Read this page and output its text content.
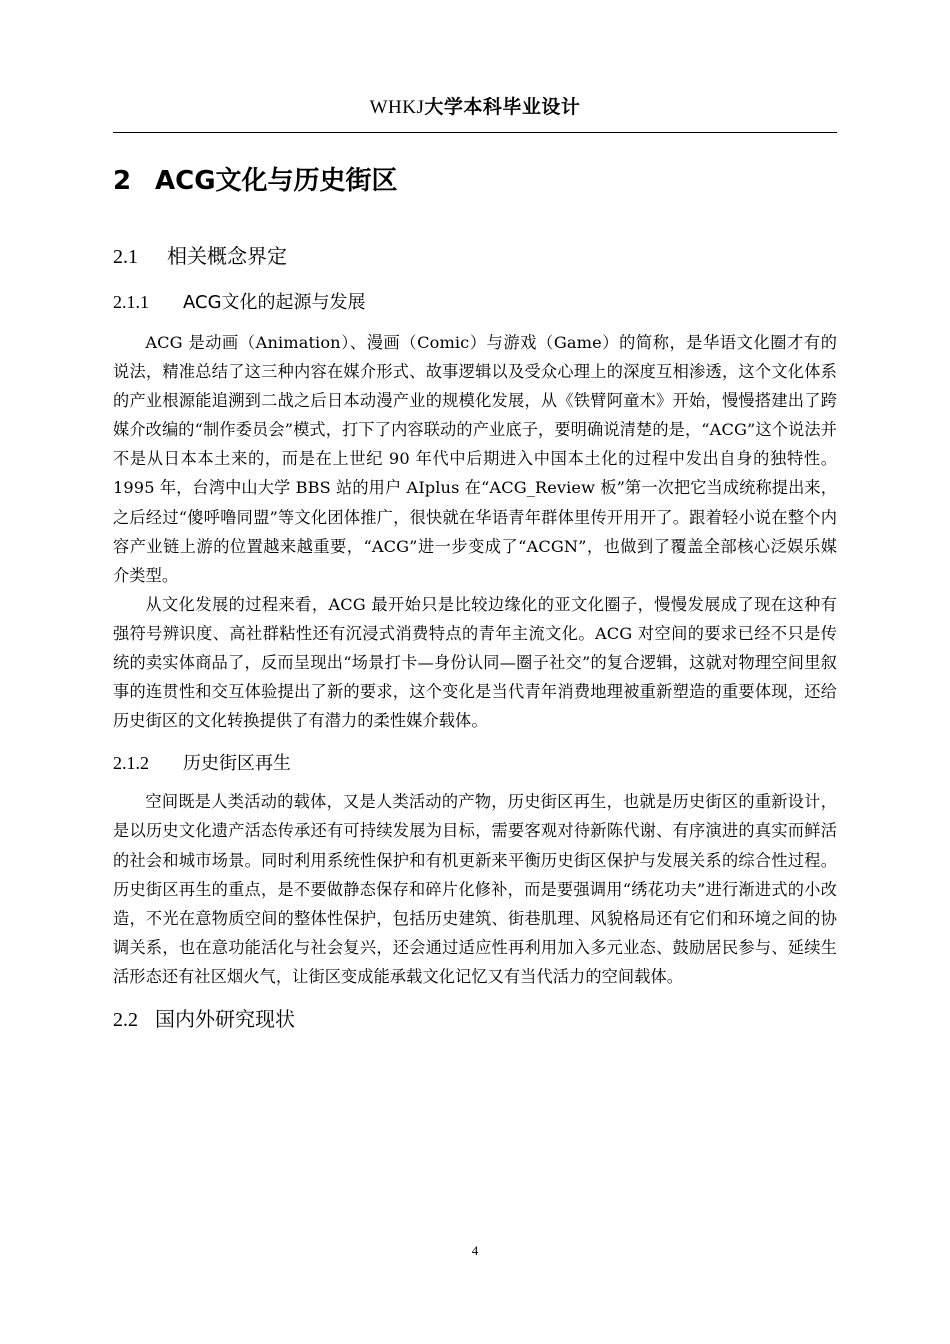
WHKJ大学本科毕业设计
2 ACG文化与历史街区
2.1 相关概念界定
2.1.1 ACG文化的起源与发展

ACG 是动画（Animation）、漫画（Comic）与游戏（Game）的简称，是华语文化圈才有的说法，精准总结了这三种内容在媒介形式、故事逻辑以及受众心理上的深度互相渗透，这个文化体系的产业根源能追溯到二战之后日本动漫产业的规模化发展，从《铁臂阿童木》开始，慢慢搭建出了跨媒介改编的“制作委员会”模式，打下了内容联动的产业底子，要明确说清楚的是，“ACG”这个说法并不是从日本本土来的，而是在上世纪 90 年代中后期进入中国本土化的过程中发出自身的独特性。1995 年，台湾中山大学 BBS 站的用户 AIplus 在“ACG_Review 板”第一次把它当成统称提出来，之后经过“傻呼噜同盟”等文化团体推广，很快就在华语青年群体里传开用开了。跟着轻小说在整个内容产业链上游的位置越来越重要，“ACG”进一步变成了“ACGN”，也做到了覆盖全部核心泛娱乐媒介类型。

从文化发展的过程来看，ACG 最开始只是比较边缘化的亚文化圈子，慢慢发展成了现在这种有强符号辨识度、高社群粘性还有沉浸式消费特点的青年主流文化。ACG 对空间的要求已经不只是传统的卖实体商品了，反而呈现出“场景打卡—身份认同—圈子社交”的复合逻辑，这就对物理空间里叙事的连贯性和交互体验提出了新的要求，这个变化是当代青年消费地理被重新塑造的重要体现，还给历史街区的文化转换提供了有潜力的柔性媒介载体。

2.1.2 历史街区再生

空间既是人类活动的载体，又是人类活动的产物，历史街区再生，也就是历史街区的重新设计，是以历史文化遗产活态传承还有可持续发展为目标，需要客观对待新陈代谢、有序演进的真实而鲜活的社会和城市场景。同时利用系统性保护和有机更新来平衡历史街区保护与发展关系的综合性过程。历史街区再生的重点，是不要做静态保存和碎片化修补，而是要强调用“绣花功夫”进行渐进式的小改造，不光在意物质空间的整体性保护，包括历史建筑、街巷肌理、风貌格局还有它们和环境之间的协调关系，也在意功能活化与社会复兴，还会通过适应性再利用加入多元业态、鼓励居民参与、延续生活形态还有社区烟火气，让街区变成能承载文化记忆又有当代活力的空间载体。

2.2 国内外研究现状
4
